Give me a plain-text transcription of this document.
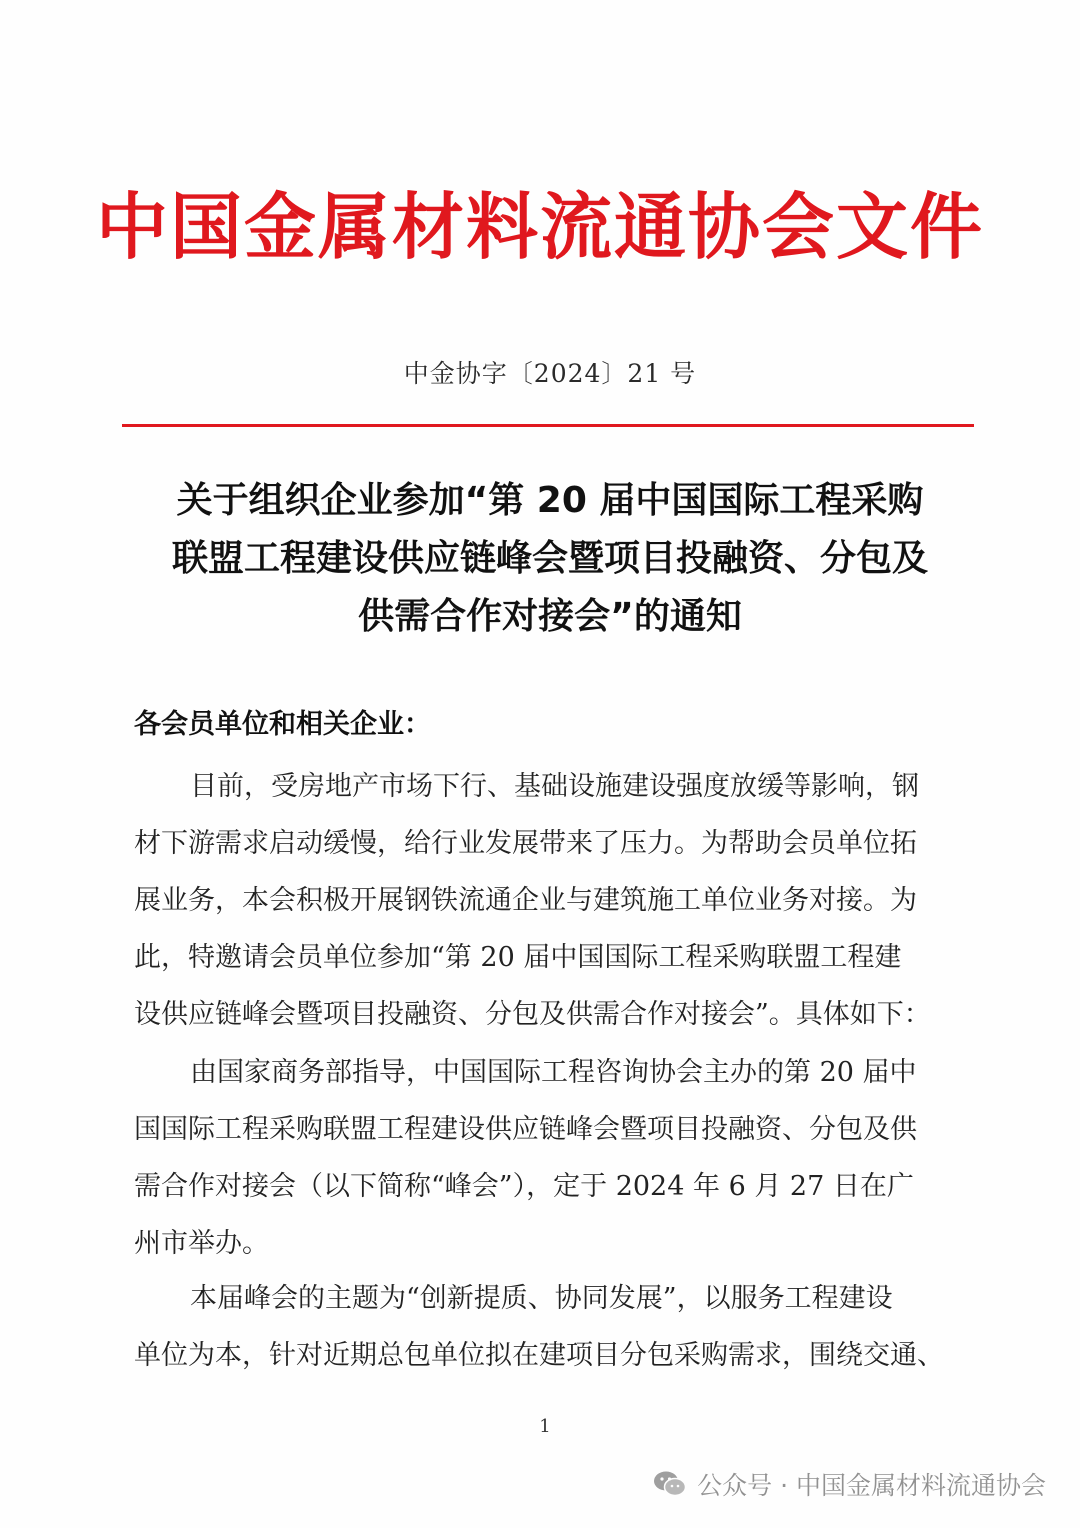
中国金属材料流通协会文件
中金协字〔2024〕21 号
关于组织企业参加“第 20 届中国国际工程采购
联盟工程建设供应链峰会暨项目投融资、分包及
供需合作对接会”的通知
各会员单位和相关企业：
目前，受房地产市场下行、基础设施建设强度放缓等影响，钢
材下游需求启动缓慢，给行业发展带来了压力。为帮助会员单位拓
展业务，本会积极开展钢铁流通企业与建筑施工单位业务对接。为
此，特邀请会员单位参加“第 20 届中国国际工程采购联盟工程建
设供应链峰会暨项目投融资、分包及供需合作对接会”。具体如下：
由国家商务部指导，中国国际工程咨询协会主办的第 20 届中
国国际工程采购联盟工程建设供应链峰会暨项目投融资、分包及供
需合作对接会（以下简称“峰会”），定于 2024 年 6 月 27 日在广
州市举办。
本届峰会的主题为“创新提质、协同发展”，以服务工程建设
单位为本，针对近期总包单位拟在建项目分包采购需求，围绕交通、
1
公众号 · 中国金属材料流通协会
